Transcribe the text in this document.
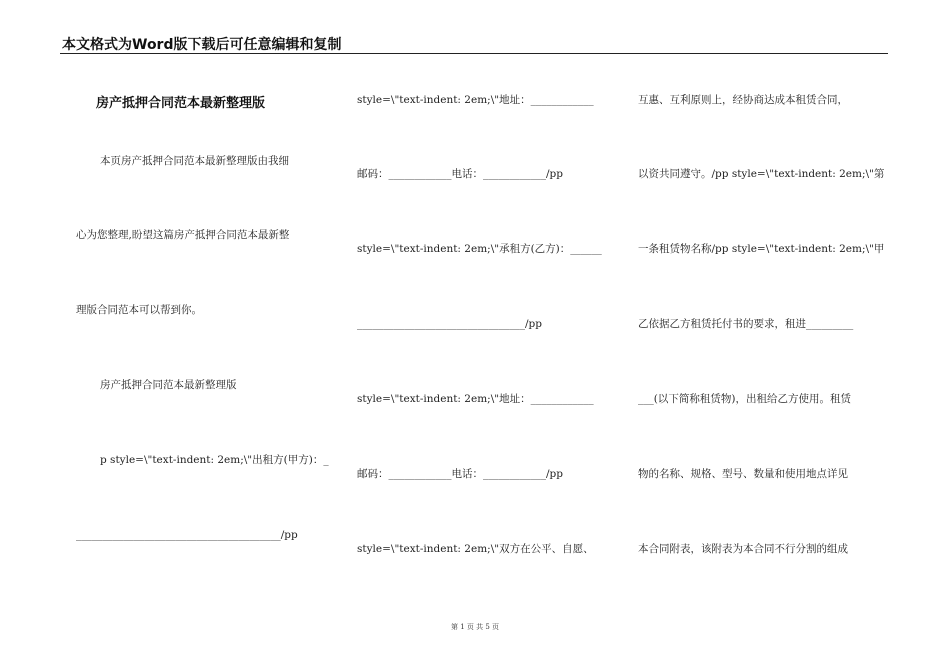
本文格式为Word版下载后可任意编辑和复制
房产抵押合同范本最新整理版
本页房产抵押合同范本最新整理版由我细
心为您整理,盼望这篇房产抵押合同范本最新整
理版合同范本可以帮到你。
房产抵押合同范本最新整理版
p style=\"text-indent: 2em;\"出租方(甲方)：_
_______________________________________/pp
style=\"text-indent: 2em;\"地址：____________
邮码：____________电话：____________/pp
style=\"text-indent: 2em;\"承租方(乙方)：______
________________________________/pp
style=\"text-indent: 2em;\"地址：____________
邮码：____________电话：____________/pp
style=\"text-indent: 2em;\"双方在公平、自愿、
互惠、互利原则上，经协商达成本租赁合同，
以资共同遵守。/pp style=\"text-indent: 2em;\"第
一条租赁物名称/pp style=\"text-indent: 2em;\"甲
乙依据乙方租赁托付书的要求，租进_________
___(以下简称租赁物)，出租给乙方使用。租赁
物的名称、规格、型号、数量和使用地点详见
本合同附表，该附表为本合同不行分割的组成
第 1 页 共 5 页
